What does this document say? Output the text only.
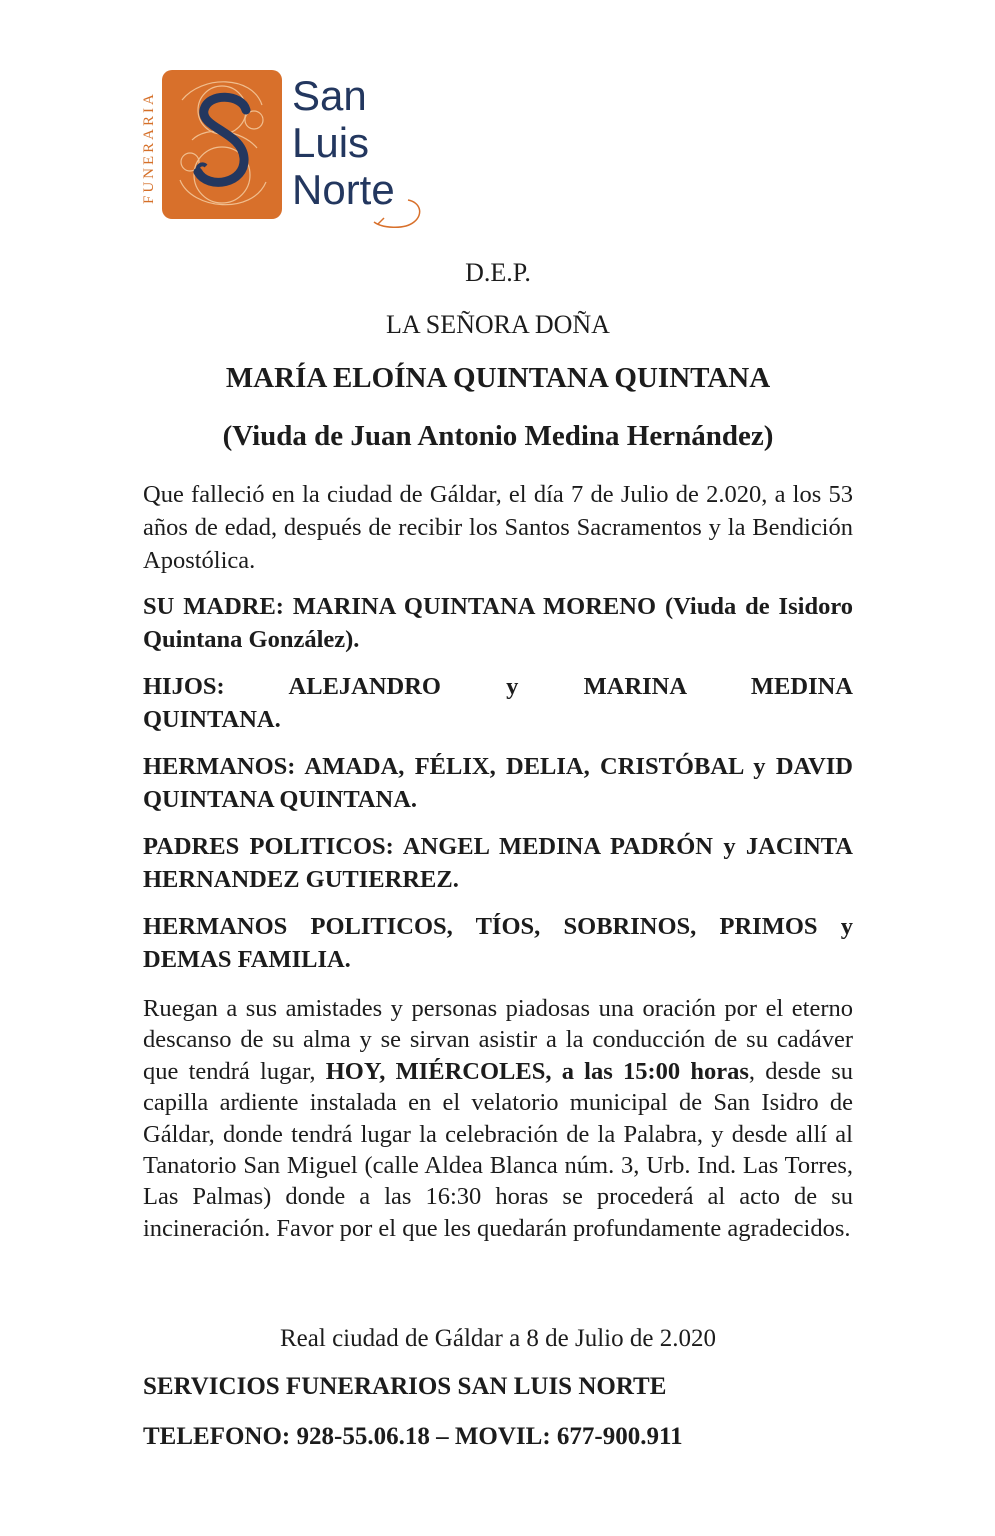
FUNERARIA	San
Luis
Norte
D.E.P.
LA SEÑORA DOÑA
MARÍA ELOÍNA QUINTANA QUINTANA
(Viuda de Juan Antonio Medina Hernández)
Que falleció en la ciudad de Gáldar, el día 7 de Julio de 2.020, a los 53 años de edad, después de recibir los Santos Sacramentos y la Bendición Apostólica.
SU MADRE: MARINA QUINTANA MORENO (Viuda de Isidoro Quintana González).
HIJOS: ALEJANDRO y MARINA MEDINA
QUINTANA.
HERMANOS: AMADA, FÉLIX, DELIA, CRISTÓBAL y DAVID QUINTANA QUINTANA.
PADRES POLITICOS: ANGEL MEDINA PADRÓN y JACINTA HERNANDEZ GUTIERREZ.
HERMANOS POLITICOS, TÍOS, SOBRINOS, PRIMOS y DEMAS FAMILIA.
Ruegan a sus amistades y personas piadosas una oración por el eterno descanso de su alma y se sirvan asistir a la conducción de su cadáver que tendrá lugar, HOY, MIÉRCOLES, a las 15:00 horas, desde su capilla ardiente instalada en el velatorio municipal de San Isidro de Gáldar, donde tendrá lugar la celebración de la Palabra, y desde allí al Tanatorio San Miguel (calle Aldea Blanca núm. 3, Urb. Ind. Las Torres, Las Palmas) donde a las 16:30 horas se procederá al acto de su incineración. Favor por el que les quedarán profundamente agradecidos.
Real ciudad de Gáldar a 8 de Julio de 2.020
SERVICIOS FUNERARIOS SAN LUIS NORTE
TELEFONO: 928-55.06.18 – MOVIL: 677-900.911
